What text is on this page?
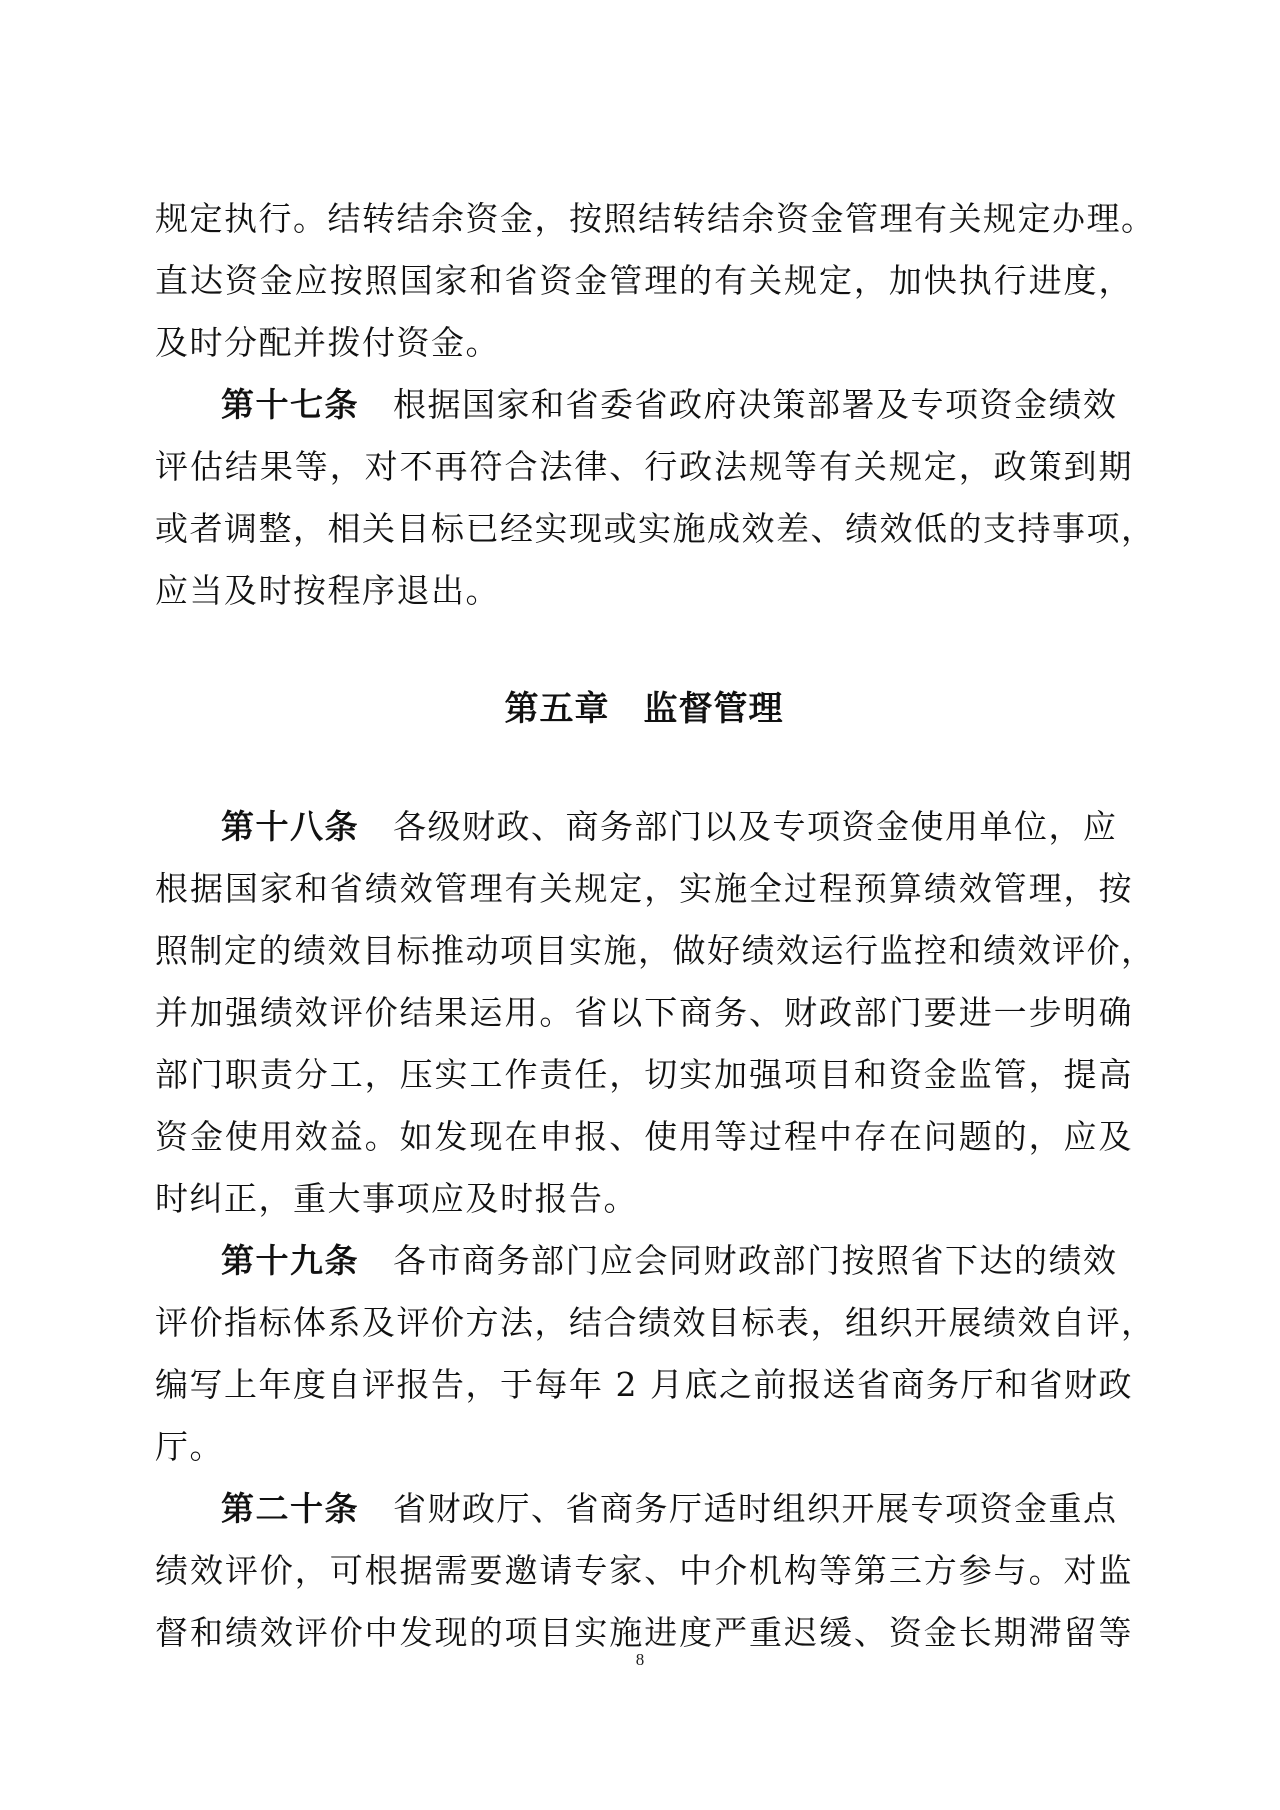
规定执行。结转结余资金，按照结转结余资金管理有关规定办理。
直达资金应按照国家和省资金管理的有关规定，加快执行进度，
及时分配并拨付资金。
第十七条 根据国家和省委省政府决策部署及专项资金绩效
评估结果等，对不再符合法律、行政法规等有关规定，政策到期
或者调整，相关目标已经实现或实施成效差、绩效低的支持事项，
应当及时按程序退出。
第五章 监督管理
第十八条 各级财政、商务部门以及专项资金使用单位，应
根据国家和省绩效管理有关规定，实施全过程预算绩效管理，按
照制定的绩效目标推动项目实施，做好绩效运行监控和绩效评价，
并加强绩效评价结果运用。省以下商务、财政部门要进一步明确
部门职责分工，压实工作责任，切实加强项目和资金监管，提高
资金使用效益。如发现在申报、使用等过程中存在问题的，应及
时纠正，重大事项应及时报告。
第十九条 各市商务部门应会同财政部门按照省下达的绩效
评价指标体系及评价方法，结合绩效目标表，组织开展绩效自评，
编写上年度自评报告，于每年 2 月底之前报送省商务厅和省财政
厅。
第二十条 省财政厅、省商务厅适时组织开展专项资金重点
绩效评价，可根据需要邀请专家、中介机构等第三方参与。对监
督和绩效评价中发现的项目实施进度严重迟缓、资金长期滞留等
8
